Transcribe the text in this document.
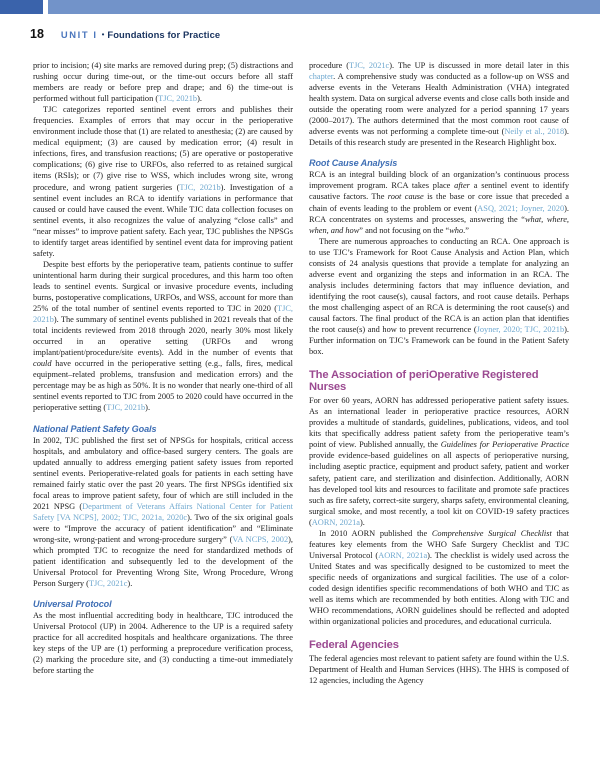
18 UNIT I • Foundations for Practice

prior to incision; (4) site marks are removed during prep; (5) distractions and rushing occur during time-out, or the time-out occurs before all staff members are ready or before prep and drape; and 6) the time-out is performed without full participation (TJC, 2021b).

TJC categorizes reported sentinel event errors and publishes their frequencies. Examples of errors that may occur in the perioperative environment include those that (1) are related to anesthesia; (2) are caused by medical equipment; (3) are caused by medication error; (4) result in infections, fires, and transfusion reactions; (5) are operative or postoperative complications; (6) give rise to URFOs, also referred to as retained surgical items (RSIs); or (7) give rise to WSS, which includes wrong site, wrong procedure, and wrong patient surgeries (TJC, 2021b). Investigation of a sentinel event includes an RCA to identify variations in performance that caused or could have caused the event. While TJC data collection focuses on sentinel events, it also recognizes the value of analyzing “close calls” and “near misses” to improve patient safety. Each year, TJC publishes the NPSGs to identify target areas identified by sentinel event data for improving patient safety.

Despite best efforts by the perioperative team, patients continue to suffer unintentional harm during their surgical procedures, and this harm too often leads to sentinel events. Surgical or invasive procedure events, including burns, postoperative complications, URFOs, and WSS, account for more than 25% of the total number of sentinel events reported to TJC in 2020 (TJC, 2021b). The summary of sentinel events published in 2021 reveals that of the total incidents reviewed from 2018 through 2020, nearly 30% most likely occurred in an operative setting (URFOs and wrong implant/patient/procedure/site events). Add in the number of events that could have occurred in the perioperative setting (e.g., falls, fires, medical equipment–related problems, transfusion and medication errors) and the percentage may be as high as 50%. It is no wonder that nearly one-third of all sentinel events reported to TJC from 2005 to 2020 could have occurred in the perioperative setting (TJC, 2021b).

National Patient Safety Goals

In 2002, TJC published the first set of NPSGs for hospitals, critical access hospitals, and ambulatory and office-based surgery centers. The goals are updated annually to address emerging patient safety issues from reported sentinel events. Perioperative-related goals for patients in each setting have remained fairly static over the past 20 years. The first NPSGs identified six focal areas to improve patient safety, four of which are still included in the 2021 NPSG (Department of Veterans Affairs National Center for Patient Safety [VA NCPS], 2002; TJC, 2021a, 2020c). Two of the six original goals were to “Improve the accuracy of patient identification” and “Eliminate wrong-site, wrong-patient and wrong-procedure surgery” (VA NCPS, 2002), which prompted TJC to recognize the need for standardized methods of patient identification and subsequently led to the development of the Universal Protocol for Preventing Wrong Site, Wrong Procedure, Wrong Person Surgery (TJC, 2021c).

Universal Protocol

As the most influential accrediting body in healthcare, TJC introduced the Universal Protocol (UP) in 2004. Adherence to the UP is a required safety practice for all accredited hospitals and healthcare organizations. The three key steps of the UP are (1) performing a preprocedure verification process, (2) marking the procedure site, and (3) conducting a time-out immediately before starting the

procedure (TJC, 2021c). The UP is discussed in more detail later in this chapter. A comprehensive study was conducted as a follow-up on WSS and adverse events in the Veterans Health Administration (VHA) integrated health system. Data on surgical adverse events and close calls both inside and outside the operating room were analyzed for a period spanning 17 years (2000–2017). The authors determined that the most common root cause of adverse events was not performing a complete time-out (Neily et al., 2018). Details of this research study are presented in the Research Highlight box.

Root Cause Analysis

RCA is an integral building block of an organization’s continuous process improvement program. RCA takes place after a sentinel event to identify causative factors. The root cause is the base or core issue that preceded a chain of events leading to the problem or event (ASQ, 2021; Joyner, 2020). RCA concentrates on systems and processes, answering the “what, where, when, and how” and not focusing on the “who.”

There are numerous approaches to conducting an RCA. One approach is to use TJC’s Framework for Root Cause Analysis and Action Plan, which consists of 24 analysis questions that provide a template for analyzing an adverse event and organizing the steps and information in an RCA. The analysis includes determining factors that may influence deviation, and identifying the root cause(s), causal factors, and root cause details. Perhaps the most challenging aspect of an RCA is determining the root cause(s) and causal factors. The final product of the RCA is an action plan that identifies the root cause(s) and how to prevent recurrence (Joyner, 2020; TJC, 2021b). Further information on TJC’s Framework can be found in the Patient Safety box.

The Association of periOperative Registered Nurses

For over 60 years, AORN has addressed perioperative patient safety issues. As an international leader in perioperative practice resources, AORN provides a multitude of standards, guidelines, publications, videos, and tool kits that specifically address patient safety from the perioperative team’s point of view. Published annually, the Guidelines for Perioperative Practice provide evidence-based guidelines on all aspects of perioperative nursing, including aseptic practice, equipment and product safety, patient and worker safety, patient care, and sterilization and disinfection. Additionally, AORN has developed tool kits and resources to facilitate and promote safe practices such as fire safety, correct-site surgery, sharps safety, environmental cleaning, surgical smoke, and most recently, a tool kit on COVID-19 safety practices (AORN, 2021a).

In 2010 AORN published the Comprehensive Surgical Checklist that features key elements from the WHO Safe Surgery Checklist and TJC Universal Protocol (AORN, 2021a). The checklist is widely used across the United States and was specifically designed to be customized to meet the specific needs of organizations and surgical facilities. The use of a color-coded design identifies specific recommendations of both WHO and TJC as well as items which are recommended by both entities. Along with TJC and WHO recommendations, AORN guidelines should be reflected and adopted within organizational policies and procedures, and educational curricula.

Federal Agencies

The federal agencies most relevant to patient safety are found within the U.S. Department of Health and Human Services (HHS). The HHS is composed of 12 agencies, including the Agency
